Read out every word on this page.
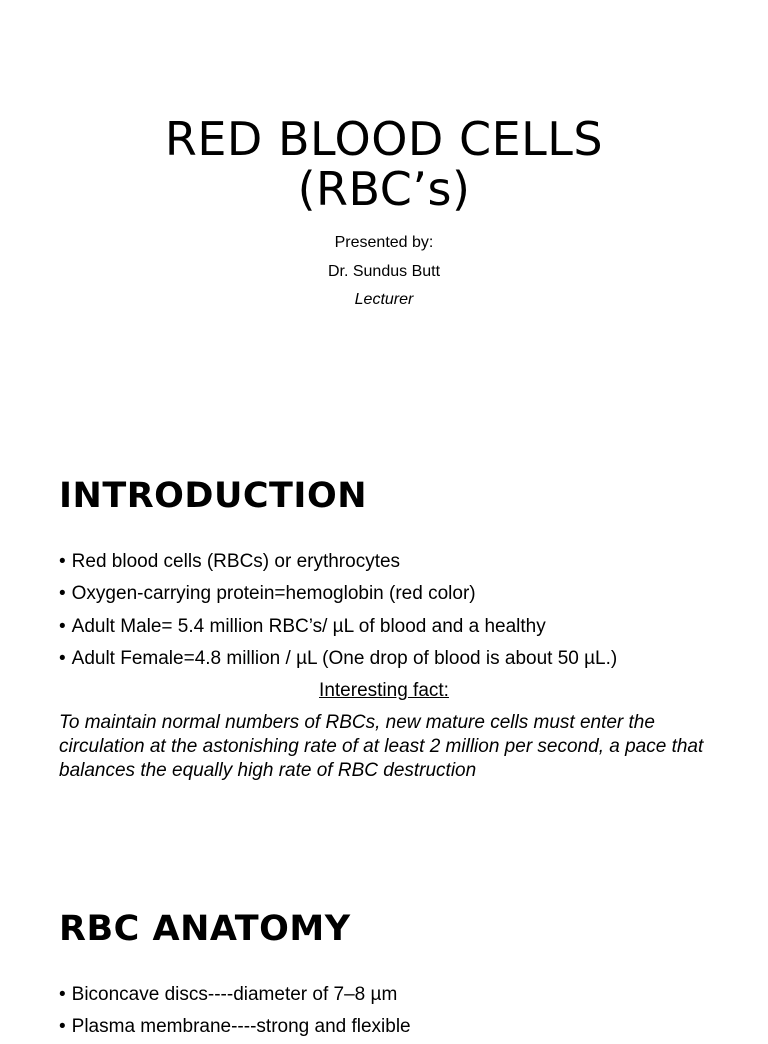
RED BLOOD CELLS
(RBC’s)
Presented by:
Dr. Sundus Butt
Lecturer
INTRODUCTION
• Red blood cells (RBCs) or erythrocytes
• Oxygen-carrying protein=hemoglobin (red color)
• Adult Male= 5.4 million RBC’s/ µL of blood and a healthy
• Adult Female=4.8 million / µL (One drop of blood is about 50 µL.)
Interesting fact:
To maintain normal numbers of RBCs, new mature cells must enter the circulation at the astonishing rate of at least 2 million per second, a pace that balances the equally high rate of RBC destruction
RBC ANATOMY
• Biconcave discs----diameter of 7–8 µm
• Plasma membrane----strong and flexible
